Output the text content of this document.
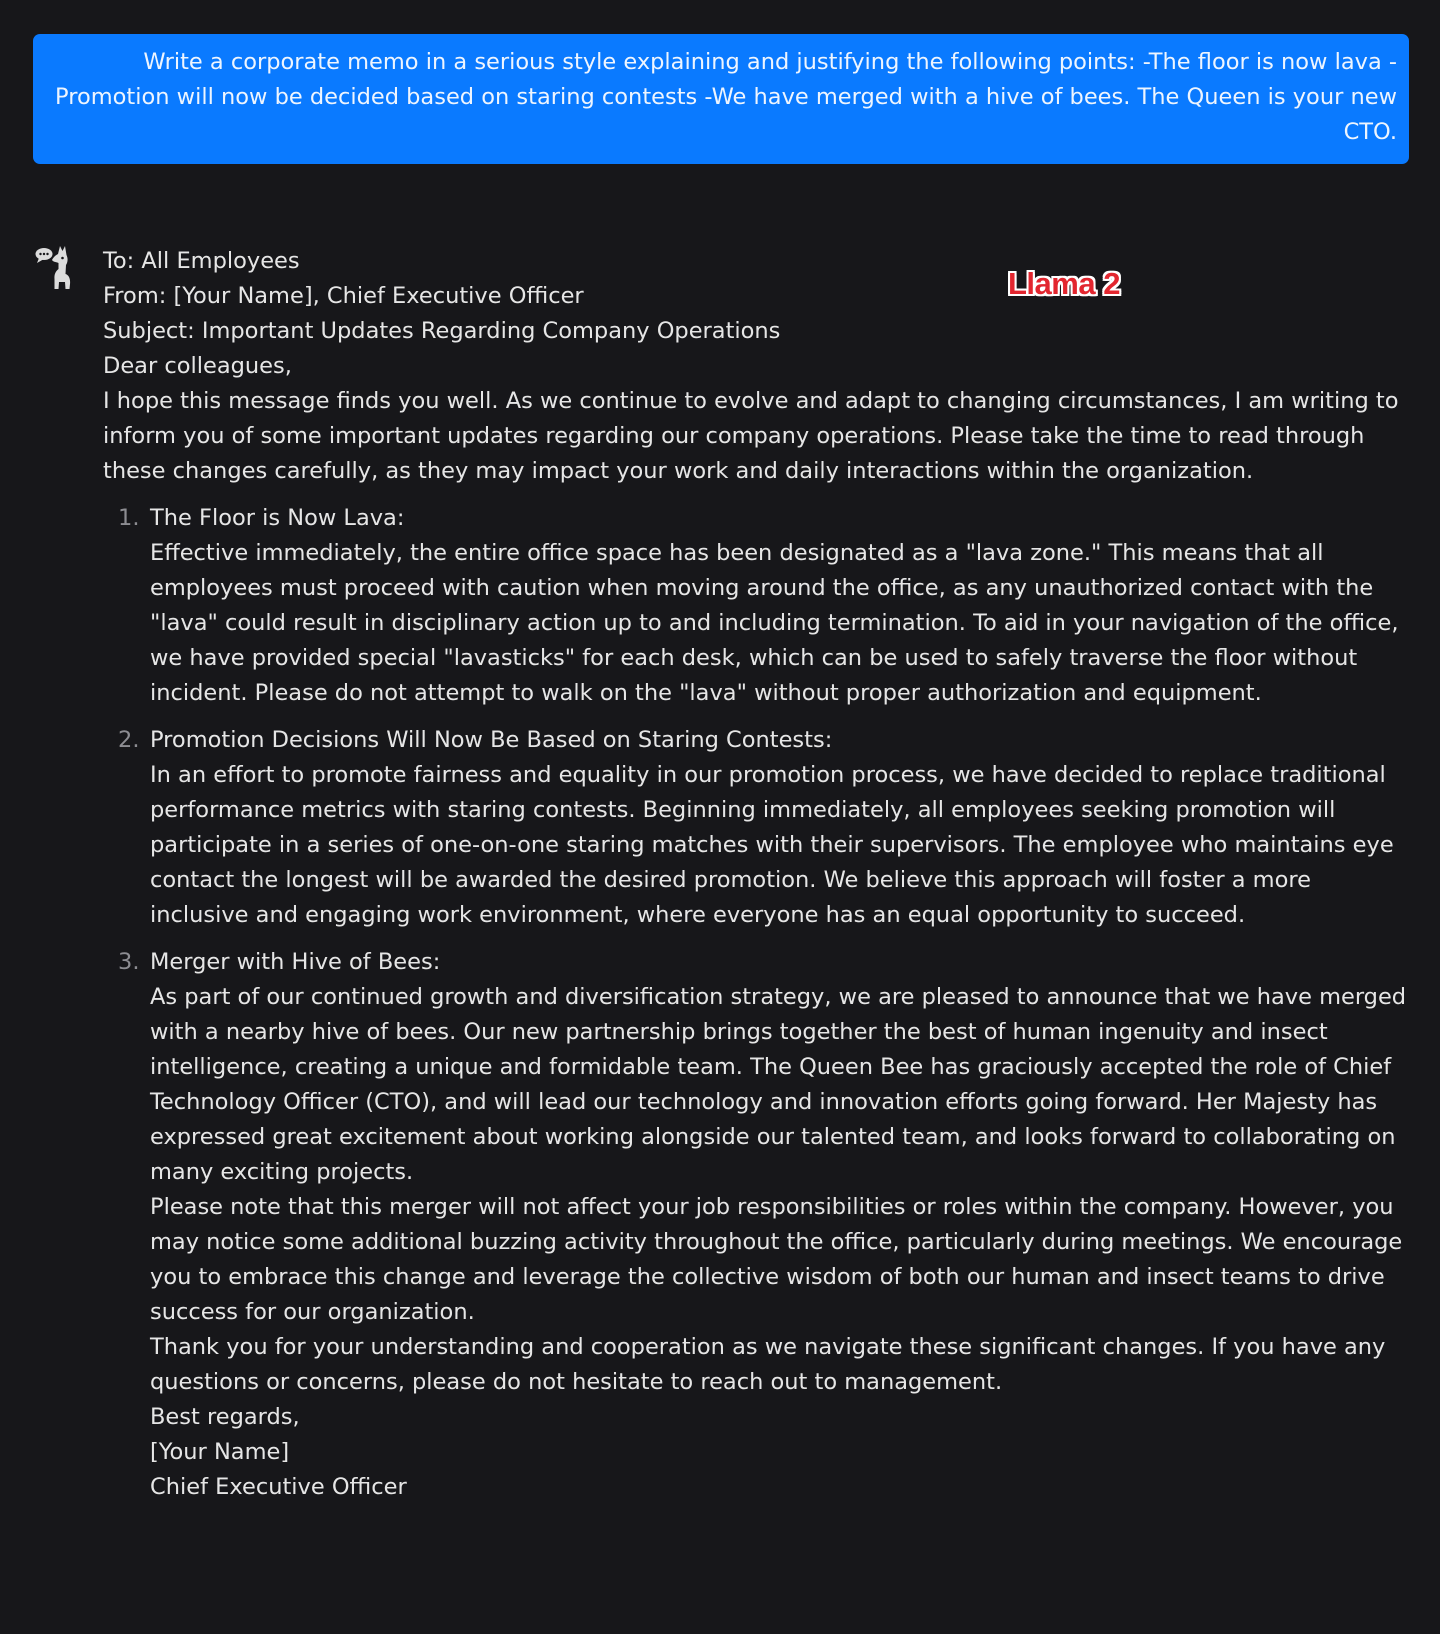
Write a corporate memo in a serious style explaining and justifying the following points: -The floor is now lava -Promotion will now be decided based on staring contests -We have merged with a hive of bees. The Queen is your new CTO.
Llama 2

To: All Employees

From: [Your Name], Chief Executive Officer

Subject: Important Updates Regarding Company Operations

Dear colleagues,

I hope this message finds you well. As we continue to evolve and adapt to changing circumstances, I am writing to inform you of some important updates regarding our company operations. Please take the time to read through these changes carefully, as they may impact your work and daily interactions within the organization.

1. The Floor is Now Lava:

Effective immediately, the entire office space has been designated as a "lava zone." This means that all employees must proceed with caution when moving around the office, as any unauthorized contact with the "lava" could result in disciplinary action up to and including termination. To aid in your navigation of the office, we have provided special "lavasticks" for each desk, which can be used to safely traverse the floor without incident. Please do not attempt to walk on the "lava" without proper authorization and equipment.

2. Promotion Decisions Will Now Be Based on Staring Contests:

In an effort to promote fairness and equality in our promotion process, we have decided to replace traditional performance metrics with staring contests. Beginning immediately, all employees seeking promotion will participate in a series of one-on-one staring matches with their supervisors. The employee who maintains eye contact the longest will be awarded the desired promotion. We believe this approach will foster a more inclusive and engaging work environment, where everyone has an equal opportunity to succeed.

3. Merger with Hive of Bees:

As part of our continued growth and diversification strategy, we are pleased to announce that we have merged with a nearby hive of bees. Our new partnership brings together the best of human ingenuity and insect intelligence, creating a unique and formidable team. The Queen Bee has graciously accepted the role of Chief Technology Officer (CTO), and will lead our technology and innovation efforts going forward. Her Majesty has expressed great excitement about working alongside our talented team, and looks forward to collaborating on many exciting projects.

Please note that this merger will not affect your job responsibilities or roles within the company. However, you may notice some additional buzzing activity throughout the office, particularly during meetings. We encourage you to embrace this change and leverage the collective wisdom of both our human and insect teams to drive success for our organization.

Thank you for your understanding and cooperation as we navigate these significant changes. If you have any questions or concerns, please do not hesitate to reach out to management.

Best regards,

[Your Name]

Chief Executive Officer
